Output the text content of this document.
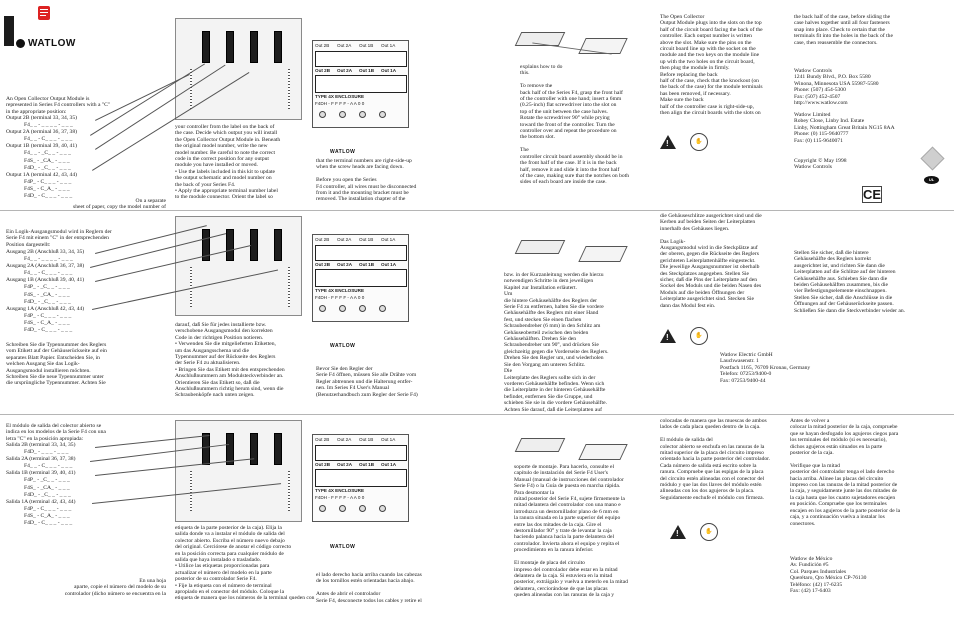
WATLOW
An Open Collector Output Module is
represented in Series F4 controllers with a "C"
in the appropriate position:
Output 2B (terminal 33, 34, 35)
F4_ _ - _ _ _ _ - _ _ _
Output 2A (terminal 36, 37, 38)
F4_ _ - C_ _ _ - _ _ _
Output 1B (terminal 39, 40, 41)
F4_ _ - _C_ _ - _ _ _
F4S_ - _CA_ - _ _ _
F4D_ - _C_ _ - _ _ _
Output 1A (terminal 42, 43, 44)
F4P_ - C_ _ _ - _ _ _
F4S_ - C_A_ - _ _ _
F4D_ - C_ _ _ - _ _ _
On a separate
sheet of paper, copy the model number of
your controller from the label on the back of
the case. Decide which output you will install
the Open Collector Output Module in. Beneath
the original model number, write the new
model number. Be careful to note the correct
code in the correct position for any output
module you have installed or moved.
• Use the labels included in this kit to update
the output schematic and model number on
the back of your Series F4.
• Apply the appropriate terminal number label
to the module connector. Orient the label so
Out 2B Out 2A Out 1B Out 1A
Out 2B Out 2A Out 1B Out 1A
TYPE 4X ENCLOSURE
F4DH - F F F F - A A 0 0
WATLOW
that the terminal numbers are right-side-up
when the screw heads are facing down.

Before you open the Series
F4 controller, all wires must be disconnected
from it and the mounting bracket must be
removed. The installation chapter of the
explains how to do
this.

To remove the
back half of the Series F4, grasp the front half
of the controller with one hand; insert a 6mm
(0.25-inch) flat screwdriver into the slot on
top of the unit between the case halves.
Rotate the screwdriver 90° while prying
toward the front of the controller. Turn the
controller over and repeat the procedure on
the bottom slot.

The
controller circuit board assembly should be in
the front half of the case. If it is in the back
half, remove it and slide it into the front half
of the case, making sure that the notches on both
sides of each board are inside the case.
The Open Collector
Output Module plugs into the slots on the top
half of the circuit board facing the back of the
controller. Each output number is written
above the slot. Make sure the pins on the
circuit board line up with the socket on the
module and the two keys on the module line
up with the two holes on the circuit board,
then plug the module in firmly.
Before replacing the back
half of the case, check that the knockout (on
the back of the case) for the module terminals
has been removed, if necessary.
Make sure the back
half of the controller case is right-side-up,
then align the circuit boards with the slots on
!
✋
the back half of the case, before sliding the
case halves together until all four fasteners
snap into place. Check to certain that the
terminals fit into the holes in the back of the
case, then reassemble the connectors.
Watlow Controls
1241 Bundy Blvd., P.O. Box 5580
Winona, Minnesota USA 55987-5580
Phone: (507) 454-5300
Fax: (507) 452-4507
http://www.watlow.com
Watlow Limited
Robey Close, Linby Ind. Estate
Linby, Nottingham Great Britain NG15 8AA
Phone: (0) 115-9640777
Fax: (0) 115-9640071
Copyright © May 1998
Watlow Controls
UL
CE
Ein Logik-Ausgangsmodul wird in Reglern der
Serie F4 mit einem "C" in der entsprechenden
Position dargestellt:
Ausgang 2B (Anschluß 33, 34, 35)
F4_ _ - _ _ _ _ - _ _ _
Ausgang 2A (Anschluß 36, 37, 38)
F4_ _ - C_ _ _ - _ _ _
Ausgang 1B (Anschluß 39, 40, 41)
F4P_ - _C_ _ - _ _ _
F4S_ - _CA_ - _ _ _
F4D_ - _C_ _ - _ _ _
Ausgang 1A (Anschluß 42, 43, 44)
F4P_ - C_ _ _ - _ _ _
F4S_ - C_A_ - _ _ _
F4D_ - C_ _ _ - _ _ _
Schreiben Sie die Typennummer des Reglers
vom Etikett auf der Gehäuserückseite auf ein
separates Blatt Papier. Entscheiden Sie, in
welchen Ausgang Sie das Logik-
Ausgangsmodul installieren möchten.
Schreiben Sie die neue Typennummer unter
die ursprüngliche Typennummer. Achten Sie
darauf, daß Sie für jedes installierte bzw.
verschobene Ausgangsmodul den korrekten
Code in der richtigen Position notieren.
• Verwenden Sie die mitgelieferten Etiketten,
um das Ausgangsschema und die
Typennummer auf der Rückseite des Reglers
der Serie F4 zu aktualisieren.
• Bringen Sie das Etikett mit den entsprechenden
Anschlußnummern am Modulsteckverbinder an.
Orientieren Sie das Etikett so, daß die
Anschlußnummern richtig herum sind, wenn die
Schraubenköpfe nach unten zeigen.
Out 2B Out 2A Out 1B Out 1A
Out 2B Out 2A Out 1B Out 1A
TYPE 4X ENCLOSURE
F4DH - F F F F - A A 0 0
WATLOW
Bevor Sie den Regler der
Serie F4 öffnen, müssen Sie alle Drähte vom
Regler abtrennen und die Halterung entfer-
nen. Im Series F4 User's Manual
(Benutzerhandbuch zum Regler der Serie F4)
bzw. in der Kurzanleitung werden die hierzu
notwendigen Schritte in dem jeweiligen
Kapitel zur Installation erläutert.
Um
die hintere Gehäusehälfte des Reglers der
Serie F4 zu entfernen, halten Sie die vordere
Gehäusehälfte des Reglers mit einer Hand
fest, und stecken Sie einen flachen
Schraubendreher (6 mm) in den Schlitz am
Gehäuseoberteil zwischen den beiden
Gehäusehälften. Drehen Sie den
Schraubendreher um 90°, und drücken Sie
gleichzeitig gegen die Vorderseite des Reglers.
Drehen Sie den Regler um, und wiederholen
Sie den Vorgang am unteren Schlitz.
Die
Leiterplatte des Reglers sollte sich in der
vorderen Gehäusehälfte befinden. Wenn sich
die Leiterplatte in der hinteren Gehäusehälfte
befindet, entfernen Sie die Gruppe, und
schieben Sie sie in die vordere Gehäusehälfte.
Achten Sie darauf, daß die Leiterplatten auf
die Gehäuseschlitze ausgerichtet sind und die
Kerben auf beiden Seiten der Leiterplatten
innerhalb des Gehäuses liegen.

Das Logik-
Ausgangsmodul wird in die Steckplätze auf
der oberen, gegen die Rückseite des Reglers
gerichteten Leiterplattenhälfte eingesteckt.
Die jeweilige Ausgangsnummer ist oberhalb
des Steckplatzes angegeben. Stellen Sie
sicher, daß die Pins der Leiterplatte auf den
Sockel des Moduls und die beiden Nasen des
Moduls auf die beiden Öffnungen der
Leiterplatte ausgerichtet sind. Stecken Sie
dann das Modul fest ein.
!
✋
Stellen Sie sicher, daß die hintere
Gehäusehälfte des Reglers korrekt
ausgerichtet ist, und richten Sie dann die
Leiterplatten auf die Schlitze auf der hinteren
Gehäusehälfte aus. Schieben Sie dann die
beiden Gehäusehälften zusammen, bis die
vier Befestigungselemente einschnappen.
Stellen Sie sicher, daß die Anschlüsse in die
Öffnungen auf der Gehäuserückseite passen.
Schließen Sie dann die Steckverbinder wieder an.
Watlow Electric GmbH
Lauchwasenstr. 1
Postfach 1165, 76709 Kronau, Germany
Telefon: 07253/9400-0
Fax: 07253/9400-44
El módulo de salida del colector abierto se
indica en los modelos de la Serie F4 con una
letra "C" en la posición apropiada:
Salida 2B (terminal 33, 34, 35)
F4D_ - _ _ _ - _ _ _
Salida 2A (terminal 36, 37, 38)
F4_ _ - C_ _ _ - _ _ _
Salida 1B (terminal 39, 40, 41)
F4P_ - _C_ _ - _ _ _
F4S_ - _CA_ - _ _ _
F4D_ - _C_ _ - _ _ _
Salida 1A (terminal 42, 43, 44)
F4P_ - C_ _ _ - _ _ _
F4S_ - C_A_ - _ _ _
F4D_ - C_ _ _ - _ _ _
En una hoja
aparte, copie el número del modelo de su
controlador (dicho número se encuentra en la
etiqueta de la parte posterior de la caja). Elija la
salida donde va a instalar el módulo de salida del
colector abierto. Escriba el número nuevo debajo
del original. Cerciórese de anotar el código correcto
en la posición correcta para cualquier módulo de
salida que haya instalado o trasladado.
• Utilice las etiquetas proporcionadas para
actualizar el número del modelo en la parte
posterior de su controlador Serie F4.
• Fije la etiqueta con el número de terminal
apropiado en el conector del módulo. Coloque la
etiqueta de manera que los números de la terminal queden con
Out 2B Out 2A Out 1B Out 1A
Out 2B Out 2A Out 1B Out 1A
TYPE 4X ENCLOSURE
F4DH - F F F F - A A 0 0
WATLOW
el lado derecho hacia arriba cuando las cabezas
de los tornillos estén orientadas hacia abajo.

Antes de abrir el controlador
Serie F4, desconecte todos los cables y retire el
soporte de montaje. Para hacerlo, consulte el
capítulo de instalación del Serie F4 User's
Manual (manual de instrucciones del controlador
Serie F4) o la Guía de puesta en marcha rápida.
Para desmontar la
mitad posterior del Serie F4, sujete firmemente la
mitad delantera del controlador con una mano e
introduzca un destornillador plano de 6 mm en
la ranura situada en la parte superior del equipo
entre las dos mitades de la caja. Gire el
destornillador 90° y trate de levantar la caja
haciendo palanca hacia la parte delantera del
controlador. Invierta ahora el equipo y repita el
procedimiento en la ranura inferior.

El montaje de placa del circuito
impreso del controlador debe estar en la mitad
delantera de la caja. Si estuviera en la mitad
posterior, extráigalo y vuelva a meterlo en la mitad
delantera, cerciorándose de que las placas
queden alineadas con las ranuras de la caja y
colocadas de manera que las muescas de ambos
lados de cada placa queden dentro de la caja.

El módulo de salida del
colector abierto se enchufa en las ranuras de la
mitad superior de la placa del circuito impreso
orientado hacia la parte posterior del controlador.
Cada número de salida está escrito sobre la
ranura. Compruebe que las espigas de la placa
del circuito estén alineadas con el conector del
módulo y que las dos llaves del módulo estén
alineadas con los dos agujeros de la placa.
Seguidamente enchufe el módulo con firmeza.
!
✋
Antes de volver a
colocar la mitad posterior de la caja, compruebe
que se hayan desfogado los agujeros ciegos para
los terminales del módulo (si es necesario),
dichos agujeros están situados en la parte
posterior de la caja.

Verifique que la mitad
posterior del controlador tenga el lado derecho
hacia arriba. Alinee las placas del circuito
impreso con las ranuras de la mitad posterior de
la caja, y seguidamente junte las dos mitades de
la caja hasta que los cuatro sujetadores encajen
en posición. Compruebe que los terminales
encajen en los agujeros de la parte posterior de la
caja, y a continuación vuelva a instalar los
conectores.
Watlow de México
Av. Fundición #5
Col. Parques Industriales
Querétaro, Qro México CP-76130
Teléfono: (42) 17-6235
Fax: (42) 17-6403
